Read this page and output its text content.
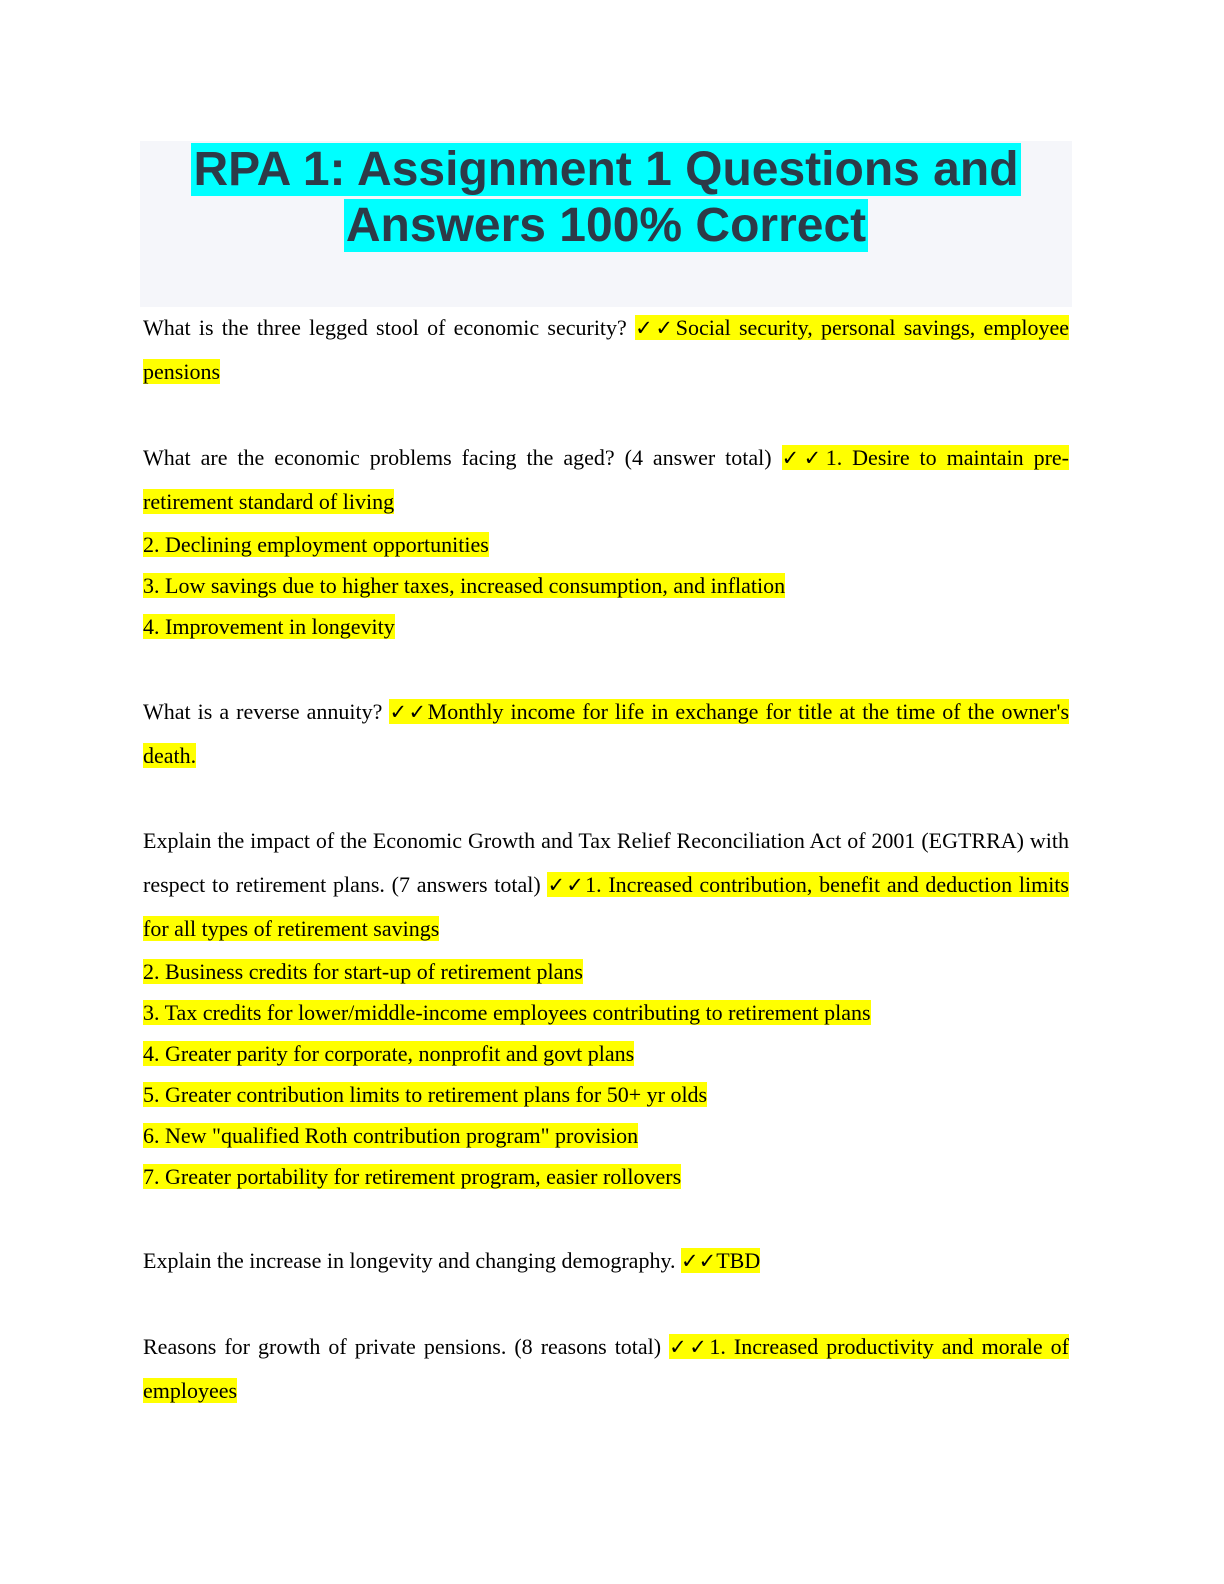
RPA 1: Assignment 1 Questions and
Answers 100% Correct

What is the three legged stool of economic security? ✓✓Social security, personal savings, employee pensions

What are the economic problems facing the aged? (4 answer total) ✓✓1. Desire to maintain pre-retirement standard of living

2. Declining employment opportunities

3. Low savings due to higher taxes, increased consumption, and inflation

4. Improvement in longevity

What is a reverse annuity? ✓✓Monthly income for life in exchange for title at the time of the owner's death.

Explain the impact of the Economic Growth and Tax Relief Reconciliation Act of 2001 (EGTRRA) with respect to retirement plans. (7 answers total) ✓✓1. Increased contribution, benefit and deduction limits for all types of retirement savings

2. Business credits for start-up of retirement plans

3. Tax credits for lower/middle-income employees contributing to retirement plans

4. Greater parity for corporate, nonprofit and govt plans

5. Greater contribution limits to retirement plans for 50+ yr olds

6. New "qualified Roth contribution program" provision

7. Greater portability for retirement program, easier rollovers

Explain the increase in longevity and changing demography. ✓✓TBD

Reasons for growth of private pensions. (8 reasons total) ✓✓1. Increased productivity and morale of employees
